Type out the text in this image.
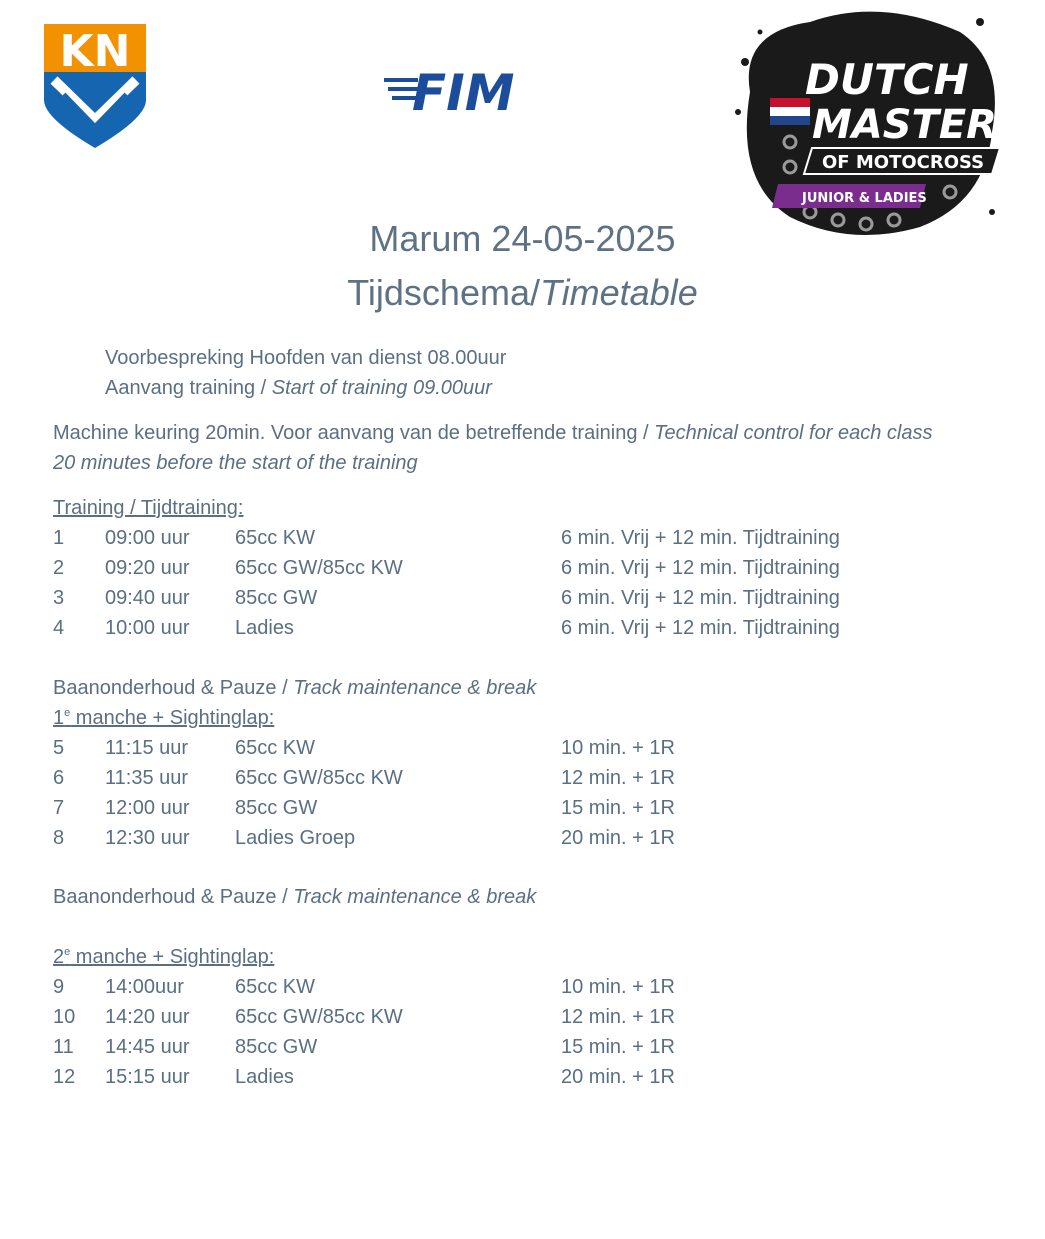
KN
FIM	DUTCH
MASTERS
OF MOTOCROSS
JUNIOR & LADIES
Marum 24-05-2025
Tijdschema/Timetable
Voorbespreking Hoofden van dienst 08.00uur
Aanvang training / Start of training 09.00uur
Machine keuring 20min. Voor aanvang van de betreffende training / Technical control for each class
20 minutes before the start of the training
Training / Tijdtraining:
1 09:00 uur 65cc KW	6 min. Vrij + 12 min. Tijdtraining
2 09:20 uur 65cc GW/85cc KW	6 min. Vrij + 12 min. Tijdtraining
3 09:40 uur 85cc GW	6 min. Vrij + 12 min. Tijdtraining
4 10:00 uur Ladies	6 min. Vrij + 12 min. Tijdtraining
Baanonderhoud & Pauze / Track maintenance & break
1e manche + Sightinglap:
5 11:15 uur 65cc KW	10 min. + 1R
6 11:35 uur 65cc GW/85cc KW	12 min. + 1R
7 12:00 uur 85cc GW	15 min. + 1R
8 12:30 uur Ladies Groep	20 min. + 1R
Baanonderhoud & Pauze / Track maintenance & break
2e manche + Sightinglap:
9 14:00uur	65cc KW	10 min. + 1R
10 14:20 uur 65cc GW/85cc KW	12 min. + 1R
11 14:45 uur 85cc GW	15 min. + 1R
12 15:15 uur Ladies	20 min. + 1R
